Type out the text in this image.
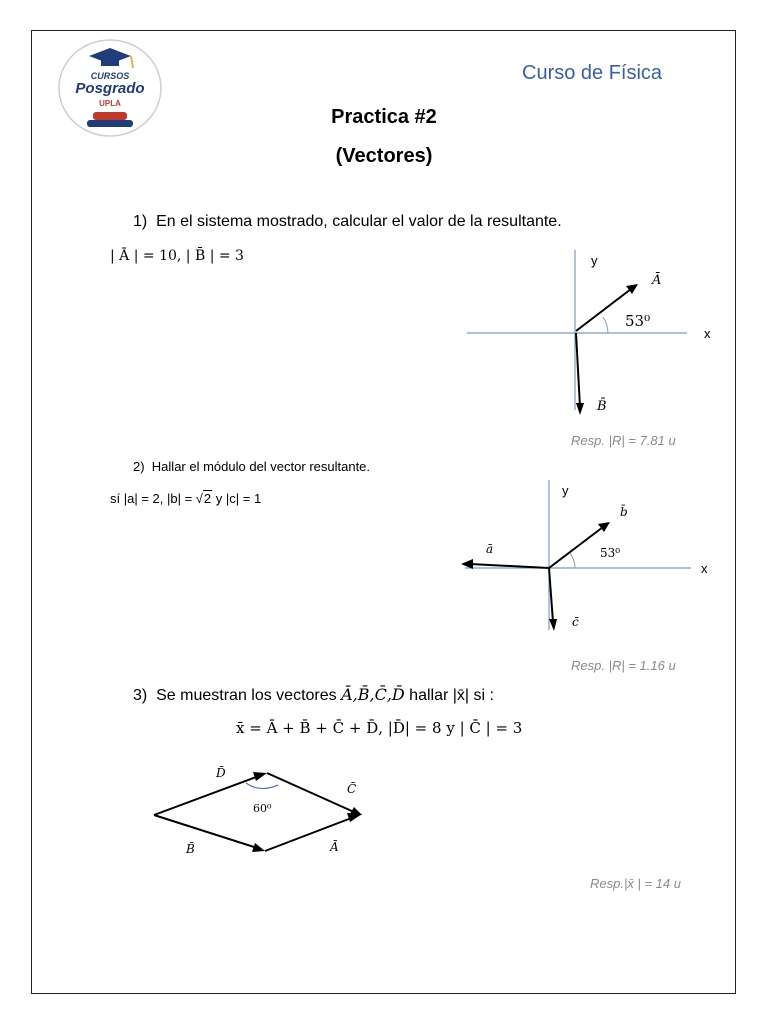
CURSOS
Posgrado
UPLA
Curso de Física
Practica #2
(Vectores)
1) En el sistema mostrado, calcular el valor de la resultante.
| Ā | = 10, | B̄ | = 3	y
x
Ā
53⁰
B̄
Resp. |R| = 7.81 u
2) Hallar el módulo del vector resultante.
sí |a| = 2, |b| = √2 y |c| = 1
y
x
b̄
ā	53⁰
c̄
Resp. |R| = 1.16 u
3) Se muestran los vectores Ā,B̄,C̄,D̄ hallar |x̄| si :
x̄ = Ā + B̄ + C̄ + D̄, |D̄| = 8 y | C̄ | = 3
D̄
C̄
60⁰
B̄	Ā
Resp.|x̄ | = 14 u
